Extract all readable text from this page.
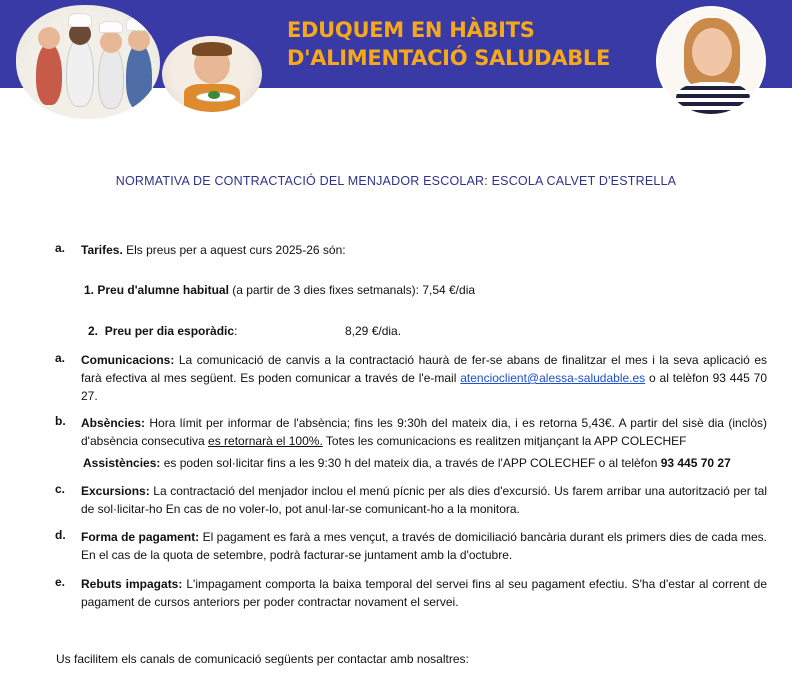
EDUQUEM EN HÀBITS
D'ALIMENTACIÓ SALUDABLE
NORMATIVA DE CONTRACTACIÓ DEL MENJADOR ESCOLAR: ESCOLA CALVET D'ESTRELLA
a. Tarifes. Els preus per a aquest curs 2025-26 són:
1. Preu d'alumne habitual (a partir de 3 dies fixes setmanals): 7,54 €/dia
2. Preu per dia esporàdic:	8,29 €/dia.
a. Comunicacions: La comunicació de canvis a la contractació haurà de fer-se abans de finalitzar el mes i la seva aplicació es farà efectiva al mes següent. Es poden comunicar a través de l'e-mail atencioclient@alessa-saludable.es o al telèfon 93 445 70 27.
b. Absències: Hora límit per informar de l'absència; fins les 9:30h del mateix dia, i es retorna 5,43€. A partir del sisè dia (inclòs) d'absència consecutiva es retornarà el 100%. Totes les comunicacions es realitzen mitjançant la APP COLECHEF
Assistències: es poden sol·licitar fins a les 9:30 h del mateix dia, a través de l'APP COLECHEF o al telèfon 93 445 70 27
c. Excursions: La contractació del menjador inclou el menú pícnic per als dies d'excursió. Us farem arribar una autorització per tal de sol·licitar-ho En cas de no voler-lo, pot anul·lar-se comunicant-ho a la monitora.
d. Forma de pagament: El pagament es farà a mes vençut, a través de domiciliació bancària durant els primers dies de cada mes. En el cas de la quota de setembre, podrà facturar-se juntament amb la d'octubre.
e. Rebuts impagats: L'impagament comporta la baixa temporal del servei fins al seu pagament efectiu. S'ha d'estar al corrent de pagament de cursos anteriors per poder contractar novament el servei.
Us facilitem els canals de comunicació següents per contactar amb nosaltres:
